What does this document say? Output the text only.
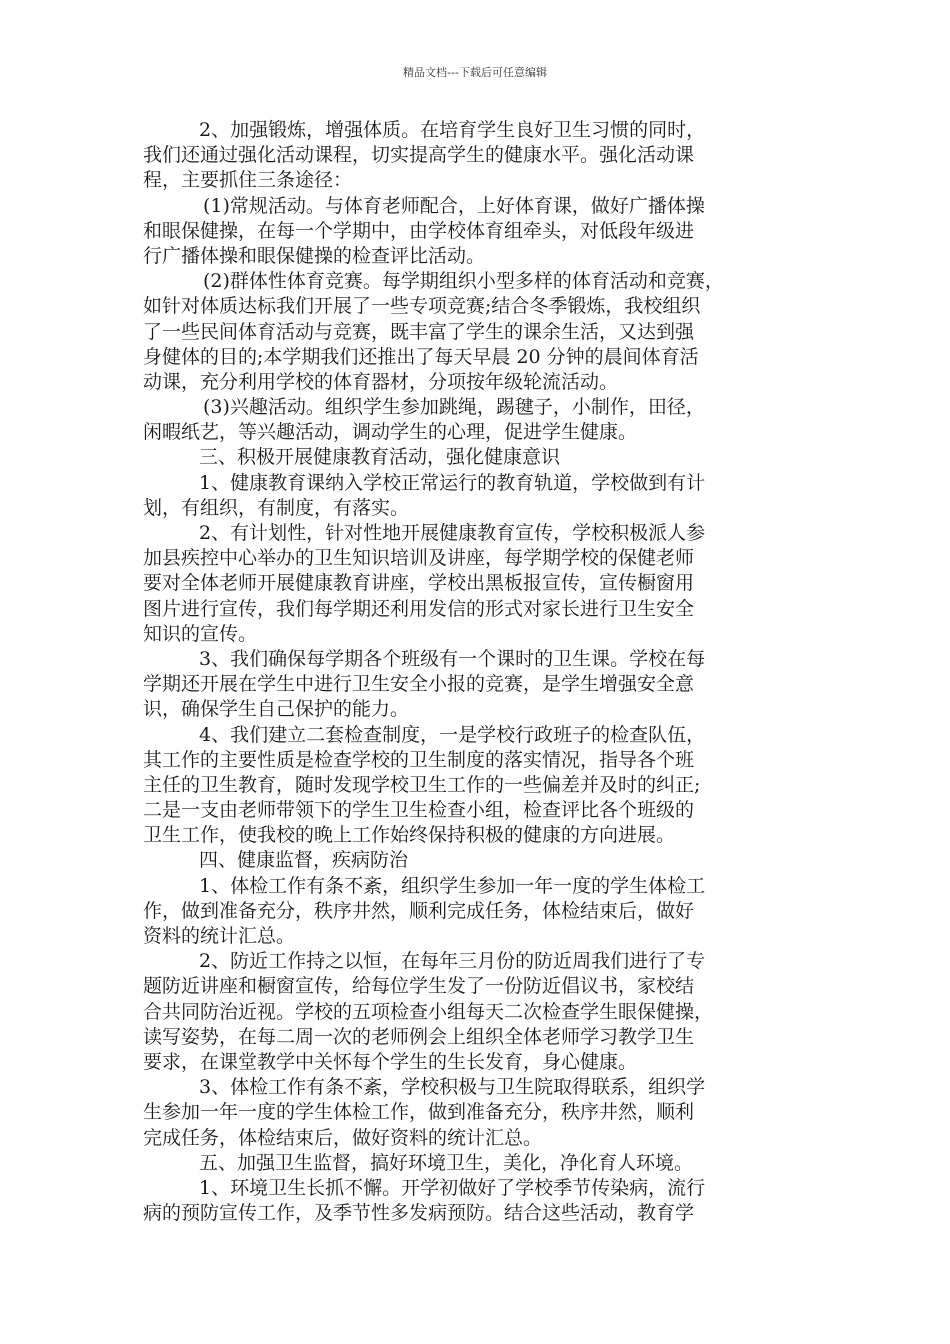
精品文档---下载后可任意编辑
2、加强锻炼，增强体质。在培育学生良好卫生习惯的同时，
我们还通过强化活动课程，切实提高学生的健康水平。强化活动课
程，主要抓住三条途径：
(1)常规活动。与体育老师配合，上好体育课，做好广播体操
和眼保健操，在每一个学期中，由学校体育组牵头，对低段年级进
行广播体操和眼保健操的检查评比活动。
(2)群体性体育竞赛。每学期组织小型多样的体育活动和竞赛，
如针对体质达标我们开展了一些专项竞赛;结合冬季锻炼，我校组织
了一些民间体育活动与竞赛，既丰富了学生的课余生活，又达到强
身健体的目的;本学期我们还推出了每天早晨 20 分钟的晨间体育活
动课，充分利用学校的体育器材，分项按年级轮流活动。
(3)兴趣活动。组织学生参加跳绳，踢毽子，小制作，田径，
闲暇纸艺，等兴趣活动，调动学生的心理，促进学生健康。
三、积极开展健康教育活动，强化健康意识
1、健康教育课纳入学校正常运行的教育轨道，学校做到有计
划，有组织，有制度，有落实。
2、有计划性，针对性地开展健康教育宣传，学校积极派人参
加县疾控中心举办的卫生知识培训及讲座，每学期学校的保健老师
要对全体老师开展健康教育讲座，学校出黑板报宣传，宣传橱窗用
图片进行宣传，我们每学期还利用发信的形式对家长进行卫生安全
知识的宣传。
3、我们确保每学期各个班级有一个课时的卫生课。学校在每
学期还开展在学生中进行卫生安全小报的竞赛，是学生增强安全意
识，确保学生自己保护的能力。
4、我们建立二套检查制度，一是学校行政班子的检查队伍，
其工作的主要性质是检查学校的卫生制度的落实情况，指导各个班
主任的卫生教育，随时发现学校卫生工作的一些偏差并及时的纠正;
二是一支由老师带领下的学生卫生检查小组，检查评比各个班级的
卫生工作，使我校的晚上工作始终保持积极的健康的方向进展。
四、健康监督，疾病防治
1、体检工作有条不紊，组织学生参加一年一度的学生体检工
作，做到准备充分，秩序井然，顺利完成任务，体检结束后，做好
资料的统计汇总。
2、防近工作持之以恒，在每年三月份的防近周我们进行了专
题防近讲座和橱窗宣传，给每位学生发了一份防近倡议书，家校结
合共同防治近视。学校的五项检查小组每天二次检查学生眼保健操，
读写姿势，在每二周一次的老师例会上组织全体老师学习教学卫生
要求，在课堂教学中关怀每个学生的生长发育，身心健康。
3、体检工作有条不紊，学校积极与卫生院取得联系，组织学
生参加一年一度的学生体检工作，做到准备充分，秩序井然，顺利
完成任务，体检结束后，做好资料的统计汇总。
五、加强卫生监督，搞好环境卫生，美化，净化育人环境。
1、环境卫生长抓不懈。开学初做好了学校季节传染病，流行
病的预防宣传工作，及季节性多发病预防。结合这些活动，教育学
